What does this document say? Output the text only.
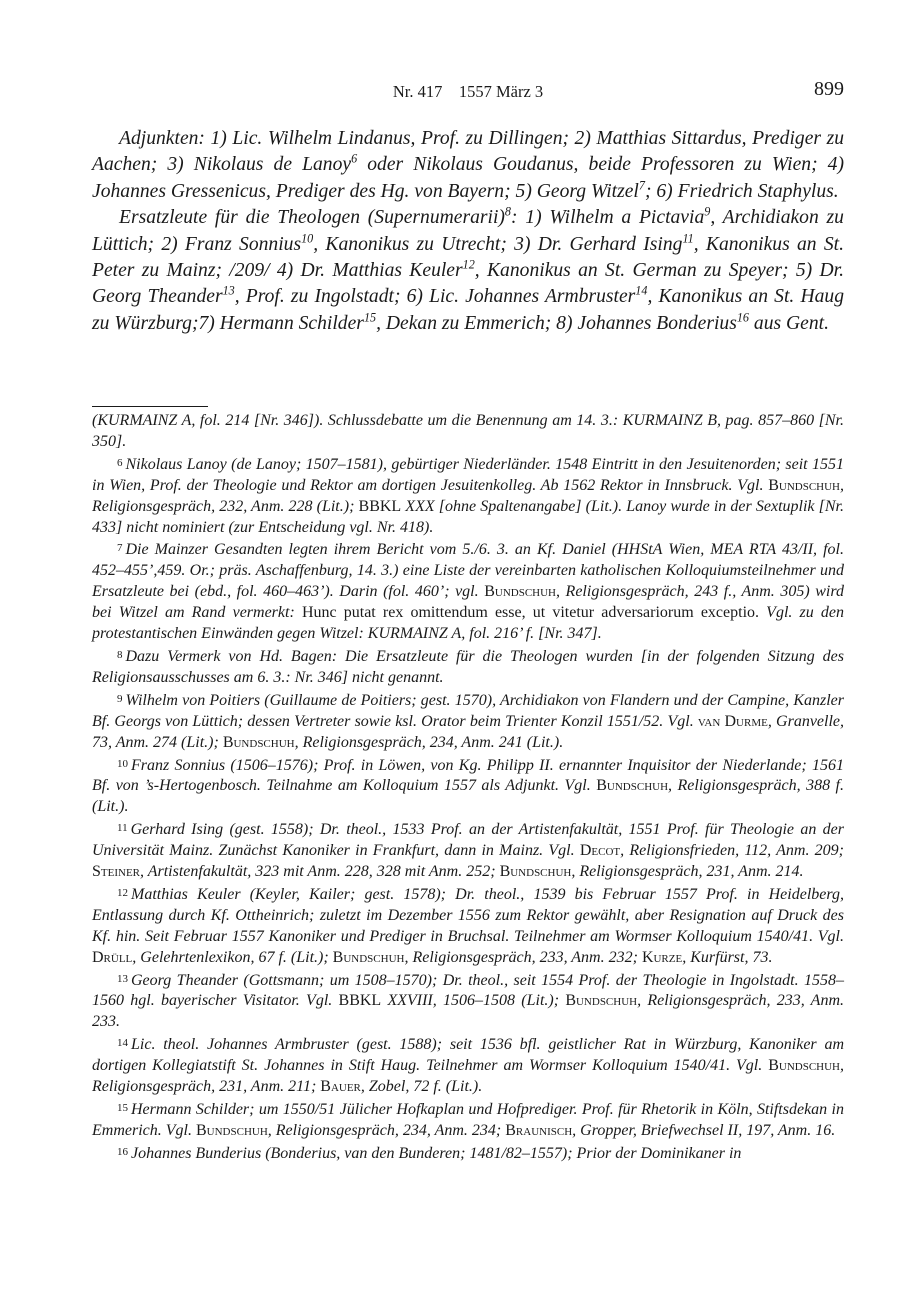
Nr. 417    1557 März 3	899

Adjunkten: 1) Lic. Wilhelm Lindanus, Prof. zu Dillingen; 2) Matthias Sittardus, Prediger zu Aachen; 3) Nikolaus de Lanoy$^6$ oder Nikolaus Goudanus, beide Professoren zu Wien; 4) Johannes Gressenicus, Prediger des Hg. von Bayern; 5) Georg Witzel$^7$; 6) Friedrich Staphylus.

Ersatzleute für die Theologen (Supernumerarii)$^8$: 1) Wilhelm a Pictavia$^9$, Archidiakon zu Lüttich; 2) Franz Sonnius$^{10}$, Kanonikus zu Utrecht; 3) Dr. Gerhard Ising$^{11}$, Kanonikus an St. Peter zu Mainz; /209/ 4) Dr. Matthias Keuler$^{12}$, Kanonikus an St. German zu Speyer; 5) Dr. Georg Theander$^{13}$, Prof. zu Ingolstadt; 6) Lic. Johannes Armbruster$^{14}$, Kanonikus an St. Haug zu Würzburg;7) Hermann Schilder$^{15}$, Dekan zu Emmerich; 8) Johannes Bonderius$^{16}$ aus Gent.

(KURMAINZ A, fol. 214 [Nr. 346]). Schlussdebatte um die Benennung am 14. 3.: KURMAINZ B, pag. 857–860 [Nr. 350].

6 Nikolaus Lanoy (de Lanoy; 1507–1581), gebürtiger Niederländer. 1548 Eintritt in den Jesuitenorden; seit 1551 in Wien, Prof. der Theologie und Rektor am dortigen Jesuitenkolleg. Ab 1562 Rektor in Innsbruck. Vgl. Bundschuh, Religionsgespräch, 232, Anm. 228 (Lit.); BBKL XXX [ohne Spaltenangabe] (Lit.). Lanoy wurde in der Sextuplik [Nr. 433] nicht nominiert (zur Entscheidung vgl. Nr. 418).

7 Die Mainzer Gesandten legten ihrem Bericht vom 5./6. 3. an Kf. Daniel (HHStA Wien, MEA RTA 43/II, fol. 452–455’,459. Or.; präs. Aschaffenburg, 14. 3.) eine Liste der vereinbarten katholischen Kolloquiumsteilnehmer und Ersatzleute bei (ebd., fol. 460–463’). Darin (fol. 460’; vgl. Bundschuh, Religionsgespräch, 243 f., Anm. 305) wird bei Witzel am Rand vermerkt: Hunc putat rex omittendum esse, ut vitetur adversariorum exceptio. Vgl. zu den protestantischen Einwänden gegen Witzel: KURMAINZ A, fol. 216’ f. [Nr. 347].

8 Dazu Vermerk von Hd. Bagen: Die Ersatzleute für die Theologen wurden [in der folgenden Sitzung des Religionsausschusses am 6. 3.: Nr. 346] nicht genannt.

9 Wilhelm von Poitiers (Guillaume de Poitiers; gest. 1570), Archidiakon von Flandern und der Campine, Kanzler Bf. Georgs von Lüttich; dessen Vertreter sowie ksl. Orator beim Trienter Konzil 1551/52. Vgl. van Durme, Granvelle, 73, Anm. 274 (Lit.); Bundschuh, Religionsgespräch, 234, Anm. 241 (Lit.).

10 Franz Sonnius (1506–1576); Prof. in Löwen, von Kg. Philipp II. ernannter Inquisitor der Niederlande; 1561 Bf. von ’s-Hertogenbosch. Teilnahme am Kolloquium 1557 als Adjunkt. Vgl. Bundschuh, Religionsgespräch, 388 f. (Lit.).

11 Gerhard Ising (gest. 1558); Dr. theol., 1533 Prof. an der Artistenfakultät, 1551 Prof. für Theologie an der Universität Mainz. Zunächst Kanoniker in Frankfurt, dann in Mainz. Vgl. Decot, Religionsfrieden, 112, Anm. 209; Steiner, Artistenfakultät, 323 mit Anm. 228, 328 mit Anm. 252; Bundschuh, Religionsgespräch, 231, Anm. 214.

12 Matthias Keuler (Keyler, Kailer; gest. 1578); Dr. theol., 1539 bis Februar 1557 Prof. in Heidelberg, Entlassung durch Kf. Ottheinrich; zuletzt im Dezember 1556 zum Rektor gewählt, aber Resignation auf Druck des Kf. hin. Seit Februar 1557 Kanoniker und Prediger in Bruchsal. Teilnehmer am Wormser Kolloquium 1540/41. Vgl. Drüll, Gelehrtenlexikon, 67 f. (Lit.); Bundschuh, Religionsgespräch, 233, Anm. 232; Kurze, Kurfürst, 73.

13 Georg Theander (Gottsmann; um 1508–1570); Dr. theol., seit 1554 Prof. der Theologie in Ingolstadt. 1558–1560 hgl. bayerischer Visitator. Vgl. BBKL XXVIII, 1506–1508 (Lit.); Bundschuh, Religionsgespräch, 233, Anm. 233.

14 Lic. theol. Johannes Armbruster (gest. 1588); seit 1536 bfl. geistlicher Rat in Würzburg, Kanoniker am dortigen Kollegiatstift St. Johannes in Stift Haug. Teilnehmer am Wormser Kolloquium 1540/41. Vgl. Bundschuh, Religionsgespräch, 231, Anm. 211; Bauer, Zobel, 72 f. (Lit.).

15 Hermann Schilder; um 1550/51 Jülicher Hofkaplan und Hofprediger. Prof. für Rhetorik in Köln, Stiftsdekan in Emmerich. Vgl. Bundschuh, Religionsgespräch, 234, Anm. 234; Braunisch, Gropper, Briefwechsel II, 197, Anm. 16.

16 Johannes Bunderius (Bonderius, van den Bunderen; 1481/82–1557); Prior der Dominikaner in
